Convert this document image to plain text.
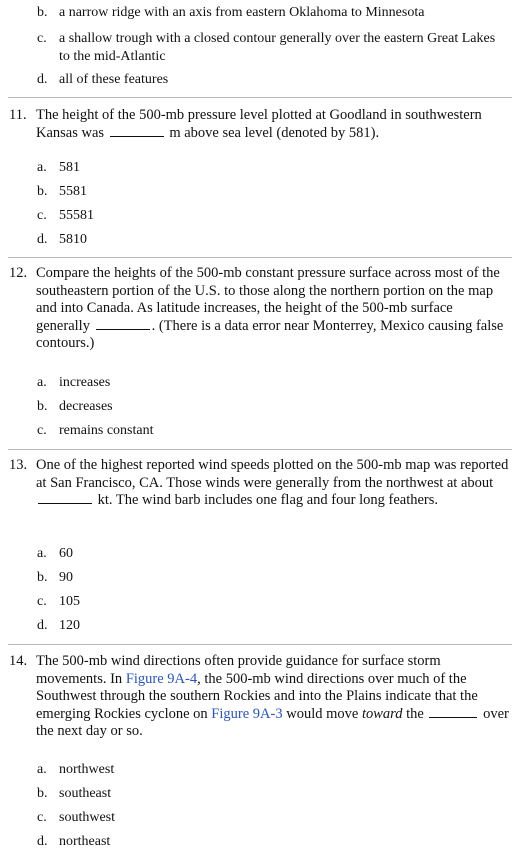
b. a narrow ridge with an axis from eastern Oklahoma to Minnesota
c. a shallow trough with a closed contour generally over the eastern Great Lakes to the mid-Atlantic
d. all of these features
11. The height of the 500-mb pressure level plotted at Goodland in southwestern Kansas was	m above sea level (denoted by 581).
a. 581
b. 5581
c. 55581
d. 5810
12. Compare the heights of the 500-mb constant pressure surface across most of the southeastern portion of the U.S. to those along the northern portion on the map and into Canada. As latitude increases, the height of the 500-mb surface generally	. (There is a data error near Monterrey, Mexico causing false contours.)
a. increases
b. decreases
c. remains constant
13. One of the highest reported wind speeds plotted on the 500-mb map was reported at San Francisco, CA. Those winds were generally from the northwest at about  kt. The wind barb includes one flag and four long feathers.
a. 60
b. 90
c. 105
d. 120
14. The 500-mb wind directions often provide guidance for surface storm movements. In Figure 9A-4, the 500-mb wind directions over much of the Southwest through the southern Rockies and into the Plains indicate that the emerging Rockies cyclone on Figure 9A-3 would move toward the	over the next day or so.
a. northwest
b. southeast
c. southwest
d. northeast
